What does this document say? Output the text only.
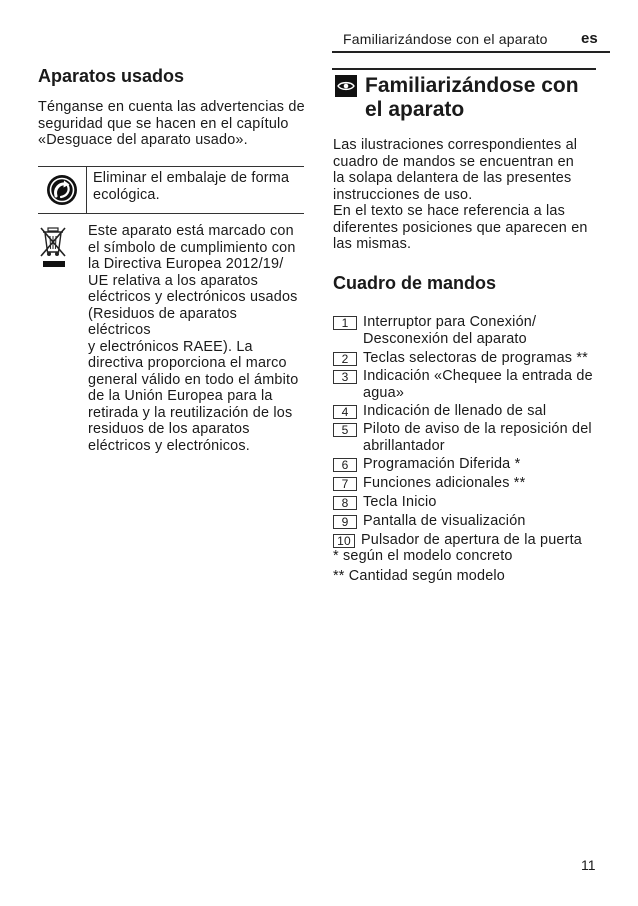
Familiarizándose con el aparato es
Aparatos usados
Ténganse en cuenta las advertencias de
seguridad que se hacen en el capítulo
«Desguace del aparato usado».
Eliminar el embalaje de forma
ecológica.
Este aparato está marcado con
el símbolo de cumplimiento con
la Directiva Europea 2012/19/
UE relativa a los aparatos
eléctricos y electrónicos usados
(Residuos de aparatos eléctricos
y electrónicos RAEE). La
directiva proporciona el marco
general válido en todo el ámbito
de la Unión Europea para la
retirada y la reutilización de los
residuos de los aparatos
eléctricos y electrónicos.
Familiarizándose con
el aparato
Las ilustraciones correspondientes al
cuadro de mandos se encuentran en
la solapa delantera de las presentes
instrucciones de uso.
En el texto se hace referencia a las
diferentes posiciones que aparecen en
las mismas.
Cuadro de mandos
1	Interruptor para Conexión/
Desconexión del aparato
2	Teclas selectoras de programas **
3	Indicación «Chequee la entrada de
agua»
4	Indicación de llenado de sal
5	Piloto de aviso de la reposición del
abrillantador
6	Programación Diferida *
7	Funciones adicionales **
8	Tecla Inicio
9	Pantalla de visualización
10 Pulsador de apertura de la puerta
* según el modelo concreto
** Cantidad según modelo
11
